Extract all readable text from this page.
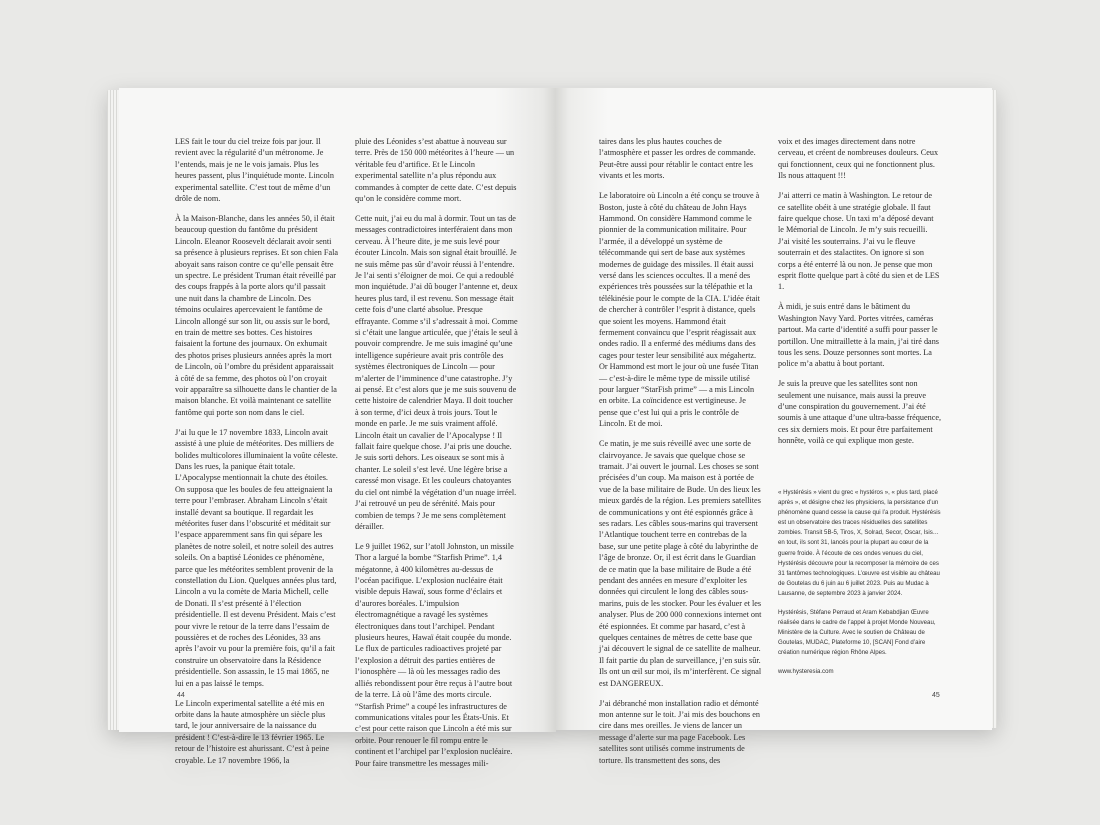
LES fait le tour du ciel treize fois par jour. Il revient avec la régularité d’un métronome. Je l’entends, mais je ne le vois jamais. Plus les heures passent, plus l’inquiétude monte. Lincoln experimental satellite. C’est tout de même d’un drôle de nom.

À la Maison-Blanche, dans les années 50, il était beaucoup question du fantôme du président Lincoln. Eleanor Roosevelt déclarait avoir senti sa présence à plusieurs reprises. Et son chien Fala aboyait sans raison contre ce qu’elle pensait être un spectre. Le président Truman était réveillé par des coups frappés à la porte alors qu’il passait une nuit dans la chambre de Lincoln. Des témoins oculaires apercevaient le fantôme de Lincoln allongé sur son lit, ou assis sur le bord, en train de mettre ses bottes. Ces histoires faisaient la fortune des journaux. On exhumait des photos prises plusieurs années après la mort de Lincoln, où l’ombre du président apparaissait à côté de sa femme, des photos où l’on croyait voir apparaître sa silhouette dans le chantier de la maison blanche. Et voilà maintenant ce satellite fantôme qui porte son nom dans le ciel.

J’ai lu que le 17 novembre 1833, Lincoln avait assisté à une pluie de météorites. Des milliers de bolides multicolores illuminaient la voûte céleste. Dans les rues, la panique était totale. L’Apocalypse mentionnait la chute des étoiles. On supposa que les boules de feu atteignaient la terre pour l’embraser. Abraham Lincoln s’était installé devant sa boutique. Il regardait les météorites fuser dans l’obscurité et méditait sur l’espace apparemment sans fin qui sépare les planètes de notre soleil, et notre soleil des autres soleils. On a baptisé Léonides ce phénomène, parce que les météorites semblent provenir de la constellation du Lion. Quelques années plus tard, Lincoln a vu la comète de Maria Michell, celle de Donati. Il s’est présenté à l’élection présidentielle. Il est devenu Président. Mais c’est pour vivre le retour de la terre dans l’essaim de poussières et de roches des Léonides, 33 ans après l’avoir vu pour la première fois, qu’il a fait construire un observatoire dans la Résidence présidentielle. Son assassin, le 15 mai 1865, ne lui en a pas laissé le temps.

Le Lincoln experimental satellite a été mis en orbite dans la haute atmosphère un siècle plus tard, le jour anniversaire de la naissance du président ! C’est-à-dire le 13 février 1965. Le retour de l’histoire est ahurissant. C’est à peine croyable. Le 17 novembre 1966, la

pluie des Léonides s’est abattue à nouveau sur terre. Près de 150 000 météorites à l’heure — un véritable feu d’artifice. Et le Lincoln experimental satellite n’a plus répondu aux commandes à compter de cette date. C’est depuis qu’on le considère comme mort.

Cette nuit, j’ai eu du mal à dormir. Tout un tas de messages contradictoires interféraient dans mon cerveau. À l’heure dite, je me suis levé pour écouter Lincoln. Mais son signal était brouillé. Je ne suis même pas sûr d’avoir réussi à l’entendre. Je l’ai senti s’éloigner de moi. Ce qui a redoublé mon inquiétude. J’ai dû bouger l’antenne et, deux heures plus tard, il est revenu. Son message était cette fois d’une clarté absolue. Presque effrayante. Comme s’il s’adressait à moi. Comme si c’était une langue articulée, que j’étais le seul à pouvoir comprendre. Je me suis imaginé qu’une intelligence supérieure avait pris contrôle des systèmes électroniques de Lincoln — pour m’alerter de l’imminence d’une catastrophe. J’y ai pensé. Et c’est alors que je me suis souvenu de cette histoire de calendrier Maya. Il doit toucher à son terme, d’ici deux à trois jours. Tout le monde en parle. Je me suis vraiment affolé. Lincoln était un cavalier de l’Apocalypse ! Il fallait faire quelque chose. J’ai pris une douche. Je suis sorti dehors. Les oiseaux se sont mis à chanter. Le soleil s’est levé. Une légère brise a caressé mon visage. Et les couleurs chatoyantes du ciel ont nimbé la végétation d’un nuage irréel. J’ai retrouvé un peu de sérénité. Mais pour combien de temps ? Je me sens complètement dérailler.

Le 9 juillet 1962, sur l’atoll Johnston, un missile Thor a largué la bombe “Starfish Prime”. 1,4 mégatonne, à 400 kilomètres au-dessus de l’océan pacifique. L’explosion nucléaire était visible depuis Hawaï, sous forme d’éclairs et d’aurores boréales. L’impulsion électromagnétique a ravagé les systèmes électroniques dans tout l’archipel. Pendant plusieurs heures, Hawaï était coupée du monde. Le flux de particules radioactives projeté par l’explosion a détruit des parties entières de l’ionosphère — là où les messages radio des alliés rebondissent pour être reçus à l’autre bout de la terre. Là où l’âme des morts circule. “Starfish Prime” a coupé les infrastructures de communications vitales pour les États-Unis. Et c’est pour cette raison que Lincoln a été mis sur orbite. Pour renouer le fil rompu entre le continent et l’archipel par l’explosion nucléaire. Pour faire transmettre les messages mili-

44

taires dans les plus hautes couches de l’atmosphère et passer les ordres de commande. Peut-être aussi pour rétablir le contact entre les vivants et les morts.

Le laboratoire où Lincoln a été conçu se trouve à Boston, juste à côté du château de John Hays Hammond. On considère Hammond comme le pionnier de la communication militaire. Pour l’armée, il a développé un système de télécommande qui sert de base aux systèmes modernes de guidage des missiles. Il était aussi versé dans les sciences occultes. Il a mené des expériences très poussées sur la télépathie et la télékinésie pour le compte de la CIA. L’idée était de chercher à contrôler l’esprit à distance, quels que soient les moyens. Hammond était fermement convaincu que l’esprit réagissait aux ondes radio. Il a enfermé des médiums dans des cages pour tester leur sensibilité aux mégahertz. Or Hammond est mort le jour où une fusée Titan — c’est-à-dire le même type de missile utilisé pour larguer “StarFish prime” — a mis Lincoln en orbite. La coïncidence est vertigineuse. Je pense que c’est lui qui a pris le contrôle de Lincoln. Et de moi.

Ce matin, je me suis réveillé avec une sorte de clairvoyance. Je savais que quelque chose se tramait. J’ai ouvert le journal. Les choses se sont précisées d’un coup. Ma maison est à portée de vue de la base militaire de Bude. Un des lieux les mieux gardés de la région. Les premiers satellites de communications y ont été espionnés grâce à ses radars. Les câbles sous-marins qui traversent l’Atlantique touchent terre en contrebas de la base, sur une petite plage à côté du labyrinthe de l’âge de bronze. Or, il est écrit dans le Guardian de ce matin que la base militaire de Bude a été pendant des années en mesure d’exploiter les données qui circulent le long des câbles sous-marins, puis de les stocker. Pour les évaluer et les analyser. Plus de 200 000 connexions internet ont été espionnées. Et comme par hasard, c’est à quelques centaines de mètres de cette base que j’ai découvert le signal de ce satellite de malheur. Il fait partie du plan de surveillance, j’en suis sûr. Ils ont un œil sur moi, ils m’interfèrent. Ce signal est DANGEREUX.

J’ai débranché mon installation radio et démonté mon antenne sur le toit. J’ai mis des bouchons en cire dans mes oreilles. Je viens de lancer un message d’alerte sur ma page Facebook. Les satellites sont utilisés comme instruments de torture. Ils transmettent des sons, des

voix et des images directement dans notre cerveau, et créent de nombreuses douleurs. Ceux qui fonctionnent, ceux qui ne fonctionnent plus. Ils nous attaquent !!!

J’ai atterri ce matin à Washington. Le retour de ce satellite obéit à une stratégie globale. Il faut faire quelque chose. Un taxi m’a déposé devant le Mémorial de Lincoln. Je m’y suis recueilli. J’ai visité les souterrains. J’ai vu le fleuve souterrain et des stalactites. On ignore si son corps a été enterré là ou non. Je pense que mon esprit flotte quelque part à côté du sien et de LES 1.

À midi, je suis entré dans le bâtiment du Washington Navy Yard. Portes vitrées, caméras partout. Ma carte d’identité a suffi pour passer le portillon. Une mitraillette à la main, j’ai tiré dans tous les sens. Douze personnes sont mortes. La police m’a abattu à bout portant.

Je suis la preuve que les satellites sont non seulement une nuisance, mais aussi la preuve d’une conspiration du gouvernement. J’ai été soumis à une attaque d’une ultra-basse fréquence, ces six derniers mois. Et pour être parfaitement honnête, voilà ce qui explique mon geste.

« Hystérésis » vient du grec « hystéros », « plus tard, placé après », et désigne chez les physiciens, la persistance d’un phénomène quand cesse la cause qui l’a produit. Hystérésis est un observatoire des traces résiduelles des satellites zombies. Transit 5B-5, Tiros, X, Solrad, Secor, Oscar, Isis… en tout, ils sont 31, lancés pour la plupart au cœur de la guerre froide. À l’écoute de ces ondes venues du ciel, Hystérésis découvre pour la recomposer la mémoire de ces 31 fantômes technologiques. L’œuvre est visible au château de Goutelas du 6 juin au 6 juillet 2023. Puis au Mudac à Lausanne, de septembre 2023 à janvier 2024.

Hystérésis, Stéfane Perraud et Aram Kebabdjian Œuvre réalisée dans le cadre de l’appel à projet Monde Nouveau, Ministère de la Culture. Avec le soutien de Château de Goutelas, MUDAC, Plateforme 10, [SCAN] Fond d’aire création numérique région Rhône Alpes.

www.hysteresia.com

45
